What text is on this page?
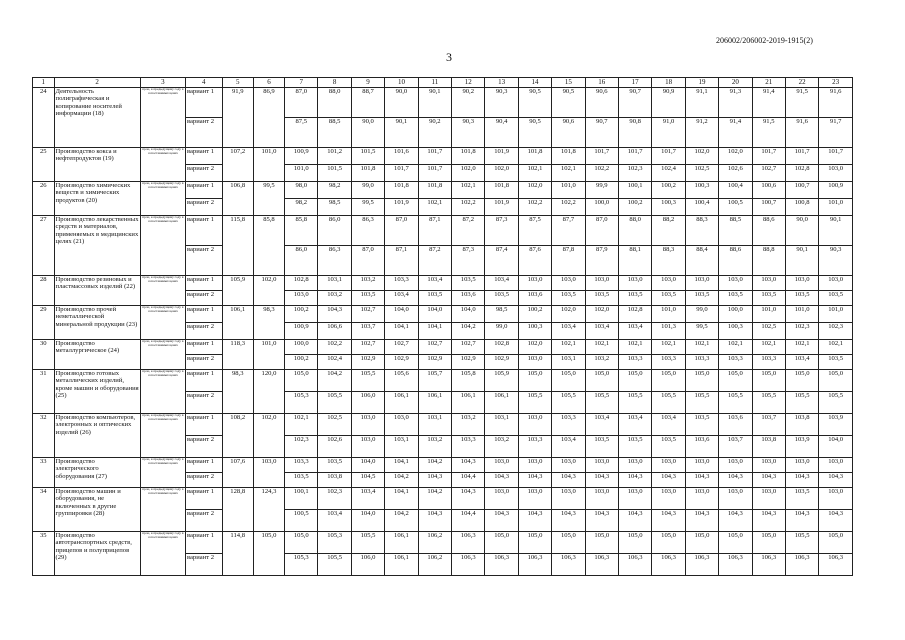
206002/206002-2019-1915(2)
3
1	2	3	4	5	6	7	8	9	10	11	12	13	14	15	16	17	18	19	20	21	22	23
24	Деятельность полиграфическая и копирование носителей информации (18)	проц. к предыдущему году в сопоставимых ценах	вариант 1	91,9	86,9	87,0	88,0	88,7	90,0	90,1	90,2	90,3	90,5	90,5	90,6	90,7	90,9	91,1	91,3	91,4	91,5	91,6
			вариант 2			87,5	88,5	90,0	90,1	90,2	90,3	90,4	90,5	90,6	90,7	90,8	91,0	91,2	91,4	91,5	91,6	91,7
25	Производство кокса и нефтепродуктов (19)	проц. к предыдущему году в сопоставимых ценах	вариант 1	107,2	101,0	100,9	101,2	101,5	101,6	101,7	101,8	101,9	101,8	101,8	101,7	101,7	101,7	102,0	102,0	101,7	101,7	101,7
			вариант 2			101,0	101,5	101,8	101,7	101,7	102,0	102,0	102,1	102,1	102,2	102,3	102,4	102,5	102,6	102,7	102,8	103,0
26	Производство химических веществ и химических продуктов (20)	проц. к предыдущему году в сопоставимых ценах	вариант 1	106,8	99,5	98,0	98,2	99,0	101,8	101,8	102,1	101,8	102,0	101,0	99,9	100,1	100,2	100,3	100,4	100,6	100,7	100,9
			вариант 2			98,2	98,5	99,5	101,9	102,1	102,2	101,9	102,2	102,2	100,0	100,2	100,3	100,4	100,5	100,7	100,8	101,0
27	Производство лекарственных средств и материалов, применяемых в медицинских целях (21)	проц. к предыдущему году в сопоставимых ценах	вариант 1	115,8	85,8	85,8	86,0	86,3	87,0	87,1	87,2	87,3	87,5	87,7	87,0	88,0	88,2	88,3	88,5	88,6	90,0	90,1
			вариант 2			86,0	86,3	87,0	87,1	87,2	87,3	87,4	87,6	87,8	87,9	88,1	88,3	88,4	88,6	88,8	90,1	90,3
28	Производство резиновых и пластмассовых изделий (22)	проц. к предыдущему году в сопоставимых ценах	вариант 1	105,9	102,0	102,8	103,1	103,2	103,3	103,4	103,5	103,4	103,0	103,0	103,0	103,0	103,0	103,0	103,0	103,0	103,0	103,0
			вариант 2			103,0	103,2	103,5	103,4	103,5	103,6	103,5	103,6	103,5	103,5	103,5	103,5	103,5	103,5	103,5	103,5	103,5
29	Производство прочей неметаллической минеральной продукции (23)	проц. к предыдущему году в сопоставимых ценах	вариант 1	106,1	98,3	100,2	104,3	102,7	104,0	104,0	104,0	98,5	100,2	102,0	102,0	102,8	101,0	99,0	100,0	101,0	101,0	101,0
			вариант 2			100,9	106,6	103,7	104,1	104,1	104,2	99,0	100,3	103,4	103,4	103,4	101,3	99,5	100,3	102,5	102,3	102,3
30	Производство металлургическое (24)	проц. к предыдущему году в сопоставимых ценах	вариант 1	118,3	101,0	100,0	102,2	102,7	102,7	102,7	102,7	102,8	102,0	102,1	102,1	102,1	102,1	102,1	102,1	102,1	102,1	102,1
			вариант 2			100,2	102,4	102,9	102,9	102,9	102,9	102,9	103,0	103,1	103,2	103,3	103,3	103,3	103,3	103,3	103,4	103,5
31	Производство готовых металлических изделий, кроме машин и оборудования (25)	проц. к предыдущему году в сопоставимых ценах	вариант 1	98,3	120,0	105,0	104,2	105,5	105,6	105,7	105,8	105,9	105,0	105,0	105,0	105,0	105,0	105,0	105,0	105,0	105,0	105,0
			вариант 2			105,3	105,5	106,0	106,1	106,1	106,1	106,1	105,5	105,5	105,5	105,5	105,5	105,5	105,5	105,5	105,5	105,5
32	Производство компьютеров, электронных и оптических изделий (26)	проц. к предыдущему году в сопоставимых ценах	вариант 1	108,2	102,0	102,1	102,5	103,0	103,0	103,1	103,2	103,1	103,0	103,3	103,4	103,4	103,4	103,5	103,6	103,7	103,8	103,9
			вариант 2			102,3	102,6	103,0	103,1	103,2	103,3	103,2	103,3	103,4	103,5	103,5	103,5	103,6	103,7	103,8	103,9	104,0
33	Производство электрического оборудования (27)	проц. к предыдущему году в сопоставимых ценах	вариант 1	107,6	103,0	103,3	103,5	104,0	104,1	104,2	104,3	103,0	103,0	103,0	103,0	103,0	103,0	103,0	103,0	103,0	103,0	103,0
			вариант 2			103,5	103,8	104,5	104,2	104,3	104,4	104,3	104,3	104,3	104,3	104,3	104,3	104,3	104,3	104,3	104,3	104,3
34	Производство машин и оборудования, не включенных в другие группировки (28)	проц. к предыдущему году в сопоставимых ценах	вариант 1	128,8	124,3	100,1	102,3	103,4	104,1	104,2	104,3	103,0	103,0	103,0	103,0	103,0	103,0	103,0	103,0	103,0	103,5	103,0
			вариант 2			100,5	103,4	104,0	104,2	104,3	104,4	104,3	104,3	104,3	104,3	104,3	104,3	104,3	104,3	104,3	104,3	104,3
35	Производство автотранспортных средств, прицепов и полуприцепов (29)	проц. к предыдущему году в сопоставимых ценах	вариант 1	114,8	105,0	105,0	105,3	105,5	106,1	106,2	106,3	105,0	105,0	105,0	105,0	105,0	105,0	105,0	105,0	105,0	105,5	105,0
			вариант 2			105,3	105,5	106,0	106,1	106,2	106,3	106,3	106,3	106,3	106,3	106,3	106,3	106,3	106,3	106,3	106,3	106,3
